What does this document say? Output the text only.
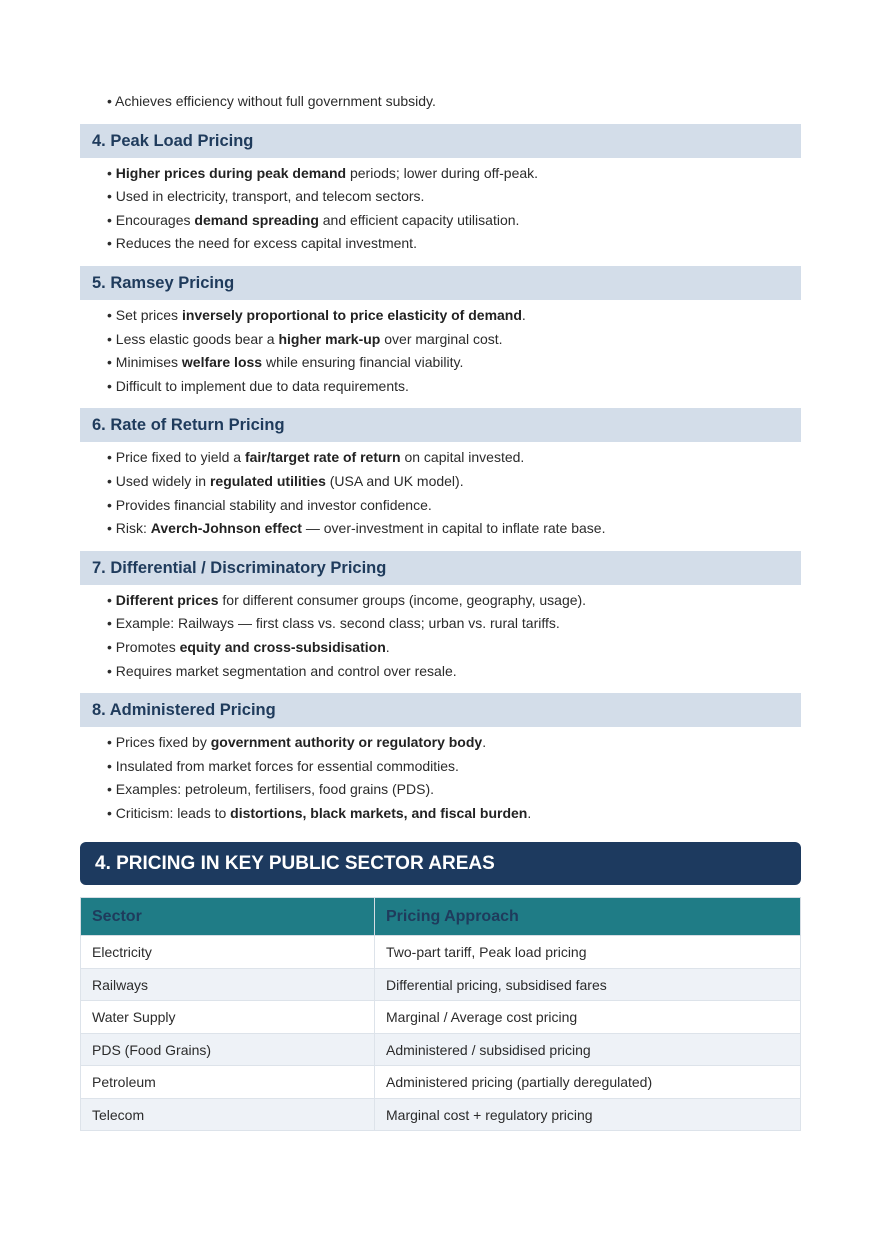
• Achieves efficiency without full government subsidy.
4. Peak Load Pricing
• Higher prices during peak demand periods; lower during off-peak.
• Used in electricity, transport, and telecom sectors.
• Encourages demand spreading and efficient capacity utilisation.
• Reduces the need for excess capital investment.
5. Ramsey Pricing
• Set prices inversely proportional to price elasticity of demand.
• Less elastic goods bear a higher mark-up over marginal cost.
• Minimises welfare loss while ensuring financial viability.
• Difficult to implement due to data requirements.
6. Rate of Return Pricing
• Price fixed to yield a fair/target rate of return on capital invested.
• Used widely in regulated utilities (USA and UK model).
• Provides financial stability and investor confidence.
• Risk: Averch-Johnson effect — over-investment in capital to inflate rate base.
7. Differential / Discriminatory Pricing
• Different prices for different consumer groups (income, geography, usage).
• Example: Railways — first class vs. second class; urban vs. rural tariffs.
• Promotes equity and cross-subsidisation.
• Requires market segmentation and control over resale.
8. Administered Pricing
• Prices fixed by government authority or regulatory body.
• Insulated from market forces for essential commodities.
• Examples: petroleum, fertilisers, food grains (PDS).
• Criticism: leads to distortions, black markets, and fiscal burden.
4. PRICING IN KEY PUBLIC SECTOR AREAS
Sector	Pricing Approach
Electricity	Two-part tariff, Peak load pricing
Railways	Differential pricing, subsidised fares
Water Supply	Marginal / Average cost pricing
PDS (Food Grains)	Administered / subsidised pricing
Petroleum	Administered pricing (partially deregulated)
Telecom	Marginal cost + regulatory pricing
